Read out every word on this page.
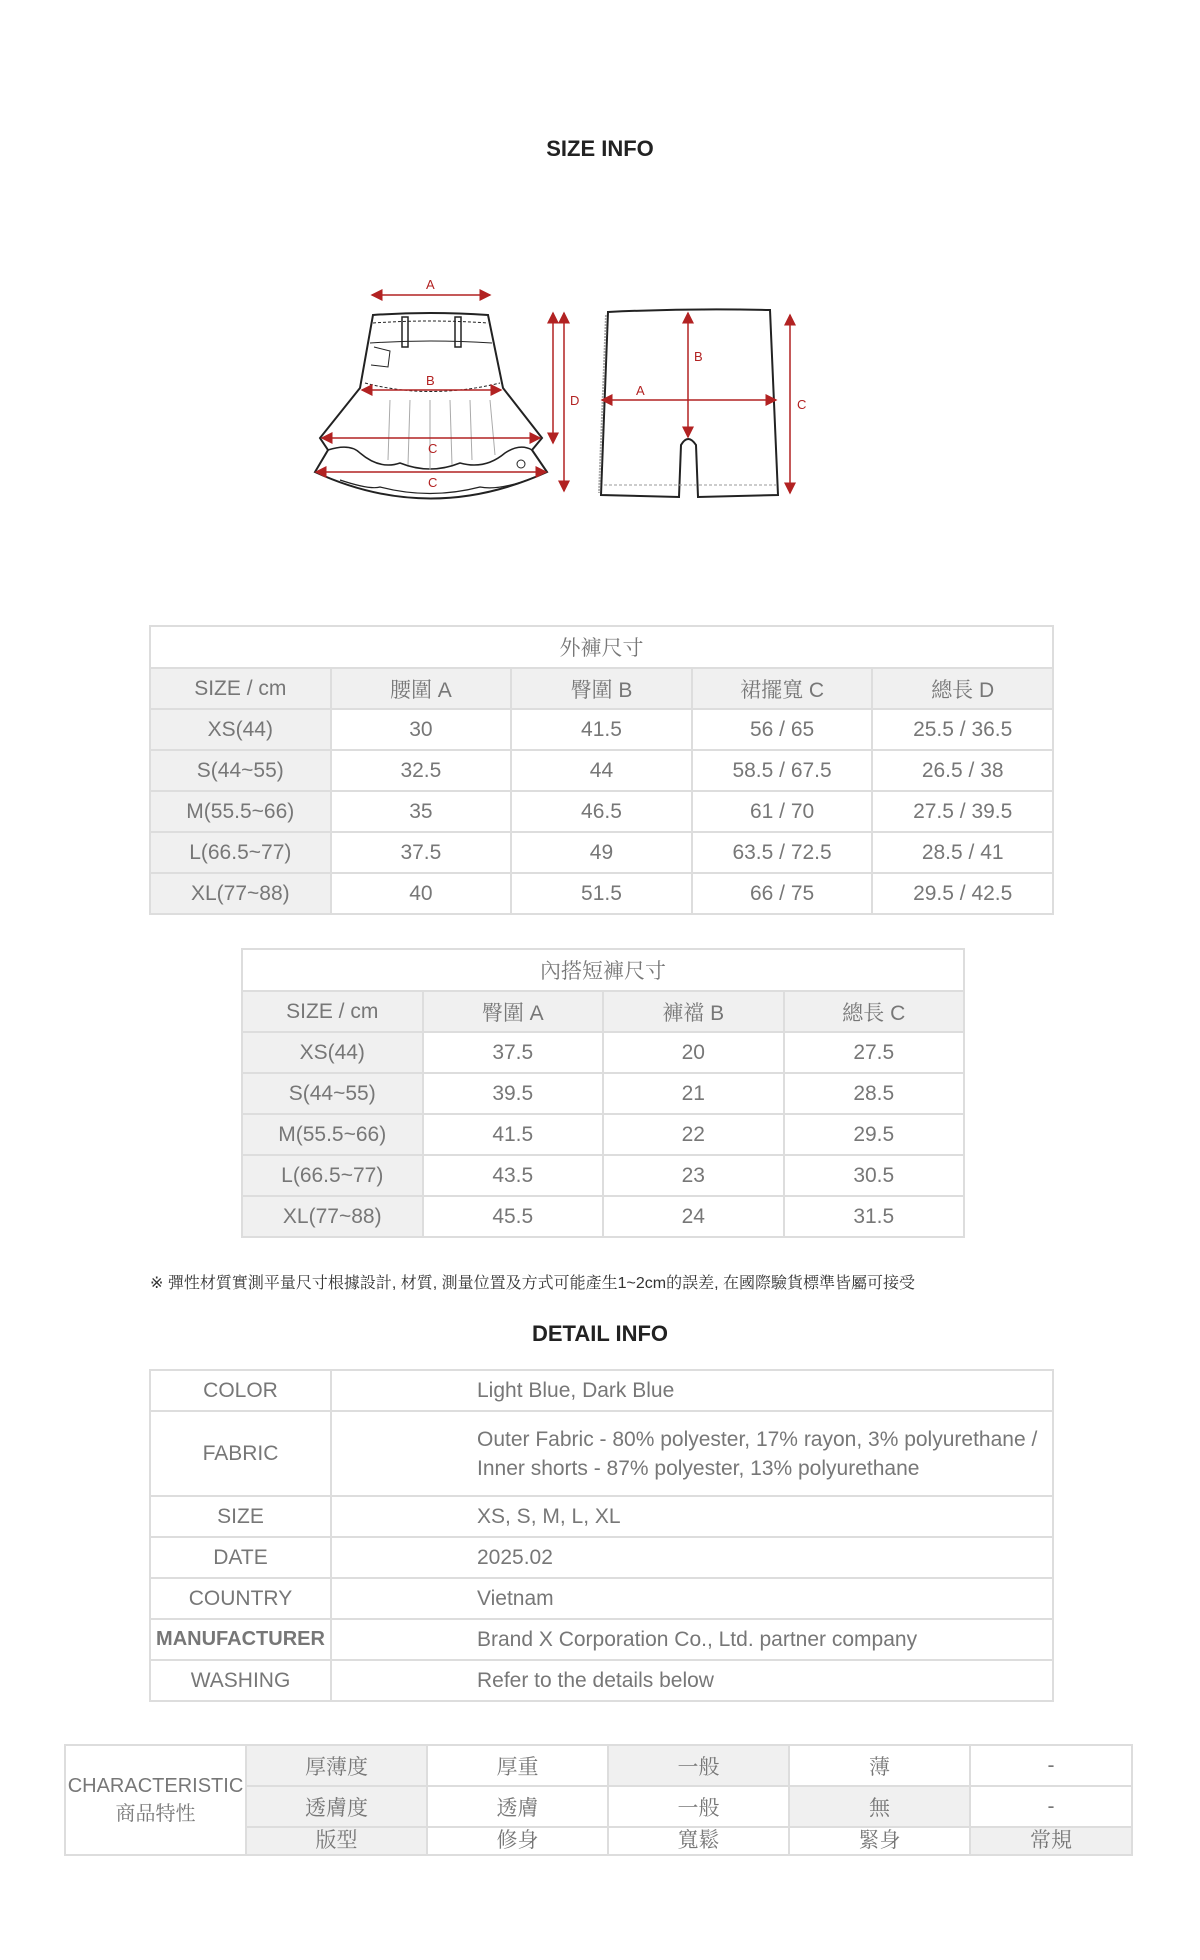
SIZE INFO
A
B
C
C
D
A
B
C
外褲尺寸				
SIZE / cm	腰圍 A	臀圍 B	裙擺寬 C	總長 D
XS(44)	30	41.5	56 / 65	25.5 / 36.5
S(44~55)	32.5	44	58.5 / 67.5	26.5 / 38
M(55.5~66)	35	46.5	61 / 70	27.5 / 39.5
L(66.5~77)	37.5	49	63.5 / 72.5	28.5 / 41
XL(77~88)	40	51.5	66 / 75	29.5 / 42.5
內搭短褲尺寸			
SIZE / cm	臀圍 A	褲襠 B	總長 C
XS(44)	37.5	20	27.5
S(44~55)	39.5	21	28.5
M(55.5~66)	41.5	22	29.5
L(66.5~77)	43.5	23	30.5
XL(77~88)	45.5	24	31.5
※ 彈性材質實測平量尺寸根據設計, 材質, 測量位置及方式可能產生1~2cm的誤差, 在國際驗貨標準皆屬可接受
DETAIL INFO
COLOR	Light Blue, Dark Blue
FABRIC	Outer Fabric - 80% polyester, 17% rayon, 3% polyurethane / Inner shorts - 87% polyester, 13% polyurethane
SIZE	XS, S, M, L, XL
DATE	2025.02
COUNTRY	Vietnam
MANUFACTURER	Brand X Corporation Co., Ltd. partner company
WASHING	Refer to the details below
CHARACTERISTIC
商品特性	厚薄度	厚重	一般	薄	-
	透膚度	透膚	一般	無	-
	版型	修身	寬鬆	緊身	常規
